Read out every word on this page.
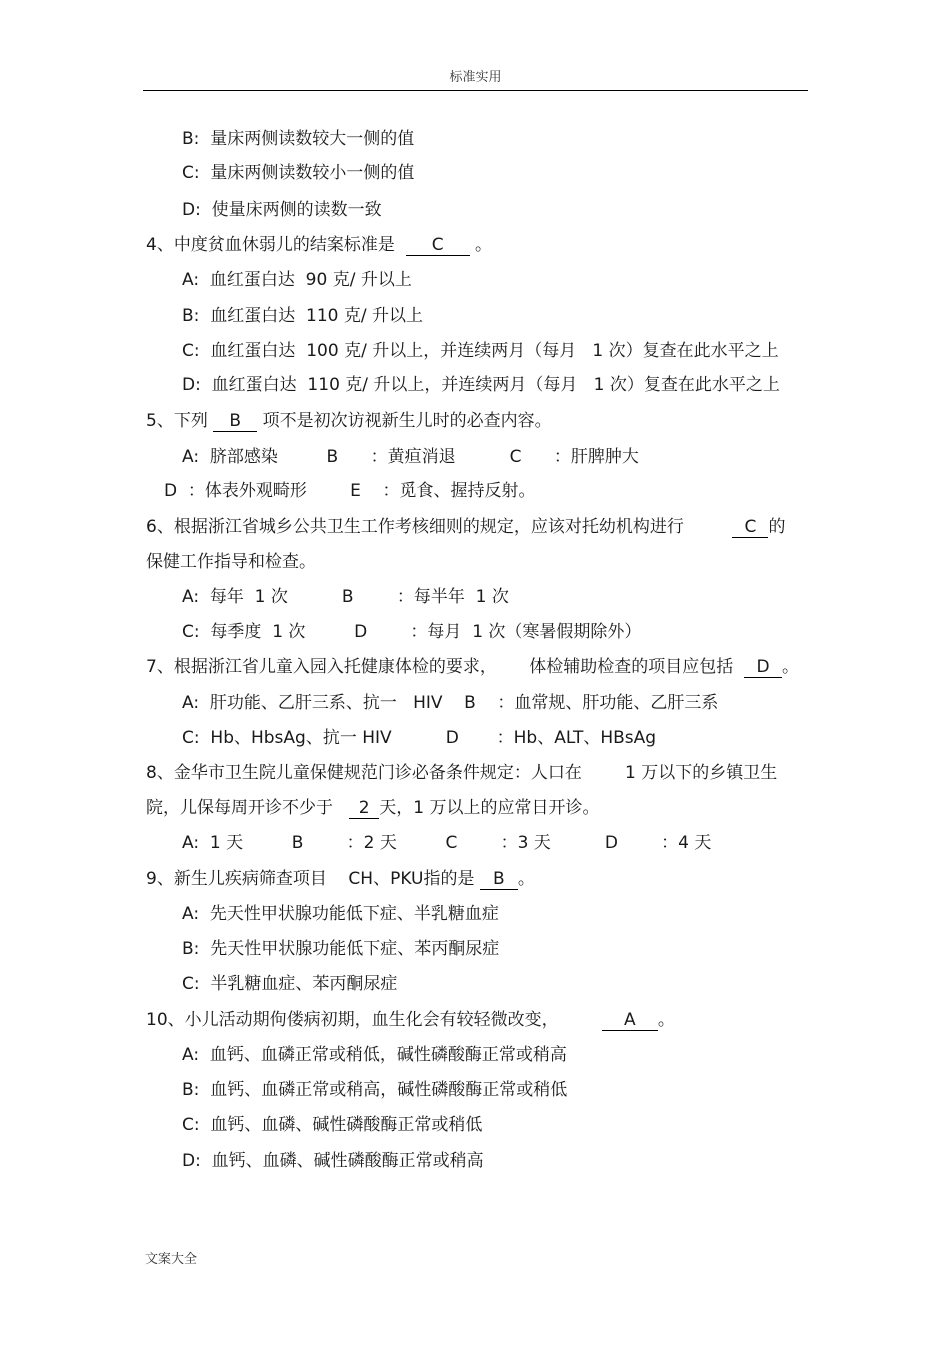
标准实用
B:  量床两侧读数较大一侧的值
C:  量床两侧读数较小一侧的值
D:  使量床两侧的读数一致
4、中度贫血休弱儿的结案标准是  C 。
A:  血红蛋白达  90 克/ 升以上
B:  血红蛋白达  110 克/ 升以上
C:  血红蛋白达  100 克/ 升以上，并连续两月（每月   1 次）复查在此水平之上
D:  血红蛋白达  110 克/ 升以上，并连续两月（每月   1 次）复查在此水平之上
5、下列 B 项不是初次访视新生儿时的必查内容。
A:  脐部感染         B      ：黄疸消退          C      ：肝脾肿大
D  ：体表外观畸形        E    ：觅食、握持反射。
6、根据浙江省城乡公共卫生工作考核细则的规定，应该对托幼机构进行         C 的
保健工作指导和检查。
A:  每年  1 次          B        ：每半年  1 次
C:  每季度  1 次         D        ：每月  1 次（寒暑假期除外）
7、根据浙江省儿童入园入托健康体检的要求，      体检辅助检查的项目应包括  D 。
A:  肝功能、乙肝三系、抗一   HIV    B    ：血常规、肝功能、乙肝三系
C:  Hb、HbsAg、抗一 HIV          D       ：Hb、ALT、HBsAg
8、金华市卫生院儿童保健规范门诊必备条件规定：人口在        1 万以下的乡镇卫生
院，儿保每周开诊不少于   2 天，1 万以上的应常日开诊。
A:  1 天         B        ：2 天         C        ：3 天          D        ：4 天
9、新生儿疾病筛查项目    CH、PKU指的是 B 。
A:  先天性甲状腺功能低下症、半乳糖血症
B:  先天性甲状腺功能低下症、苯丙酮尿症
C:  半乳糖血症、苯丙酮尿症
10、小儿活动期佝偻病初期，血生化会有较轻微改变，        A 。
A:  血钙、血磷正常或稍低，碱性磷酸酶正常或稍高
B:  血钙、血磷正常或稍高，碱性磷酸酶正常或稍低
C:  血钙、血磷、碱性磷酸酶正常或稍低
D:  血钙、血磷、碱性磷酸酶正常或稍高
文案大全
